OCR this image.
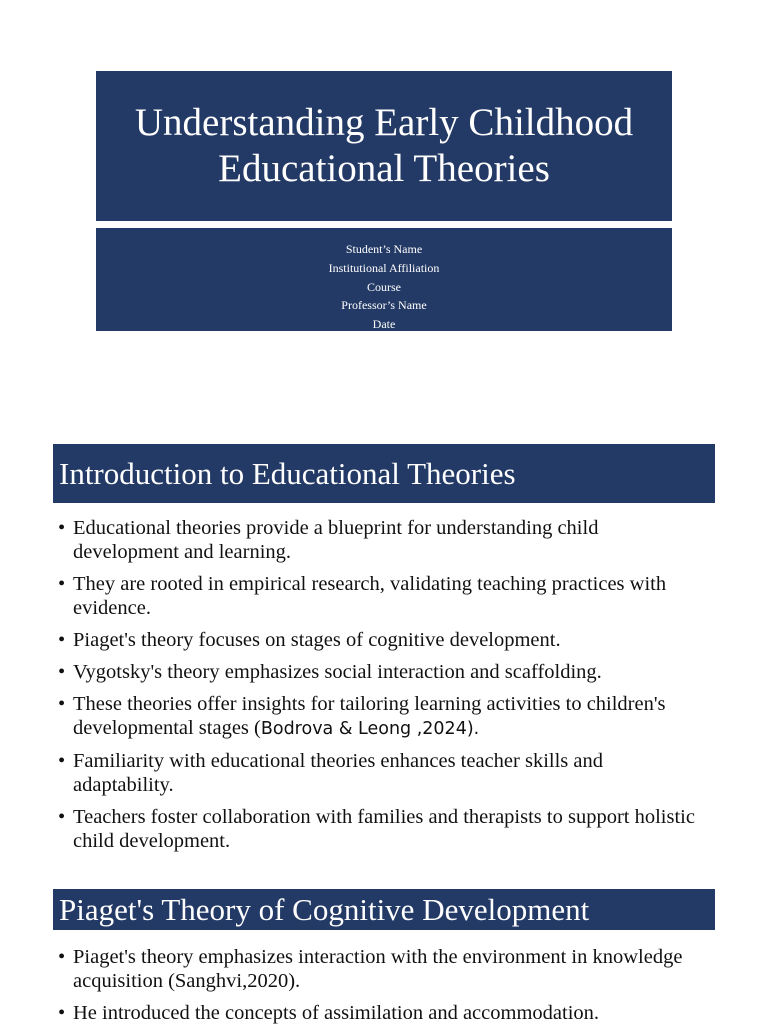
Understanding Early Childhood
Educational Theories
Student’s Name
Institutional Affiliation
Course
Professor’s Name
Date
Introduction to Educational Theories
• Educational theories provide a blueprint for understanding child development and learning.
• They are rooted in empirical research, validating teaching practices with evidence.
• Piaget's theory focuses on stages of cognitive development.
• Vygotsky's theory emphasizes social interaction and scaffolding.
• These theories offer insights for tailoring learning activities to children's developmental stages (Bodrova & Leong ,2024).
• Familiarity with educational theories enhances teacher skills and adaptability.
• Teachers foster collaboration with families and therapists to support holistic child development.
Piaget's Theory of Cognitive Development
• Piaget's theory emphasizes interaction with the environment in knowledge acquisition (Sanghvi,2020).
• He introduced the concepts of assimilation and accommodation.
